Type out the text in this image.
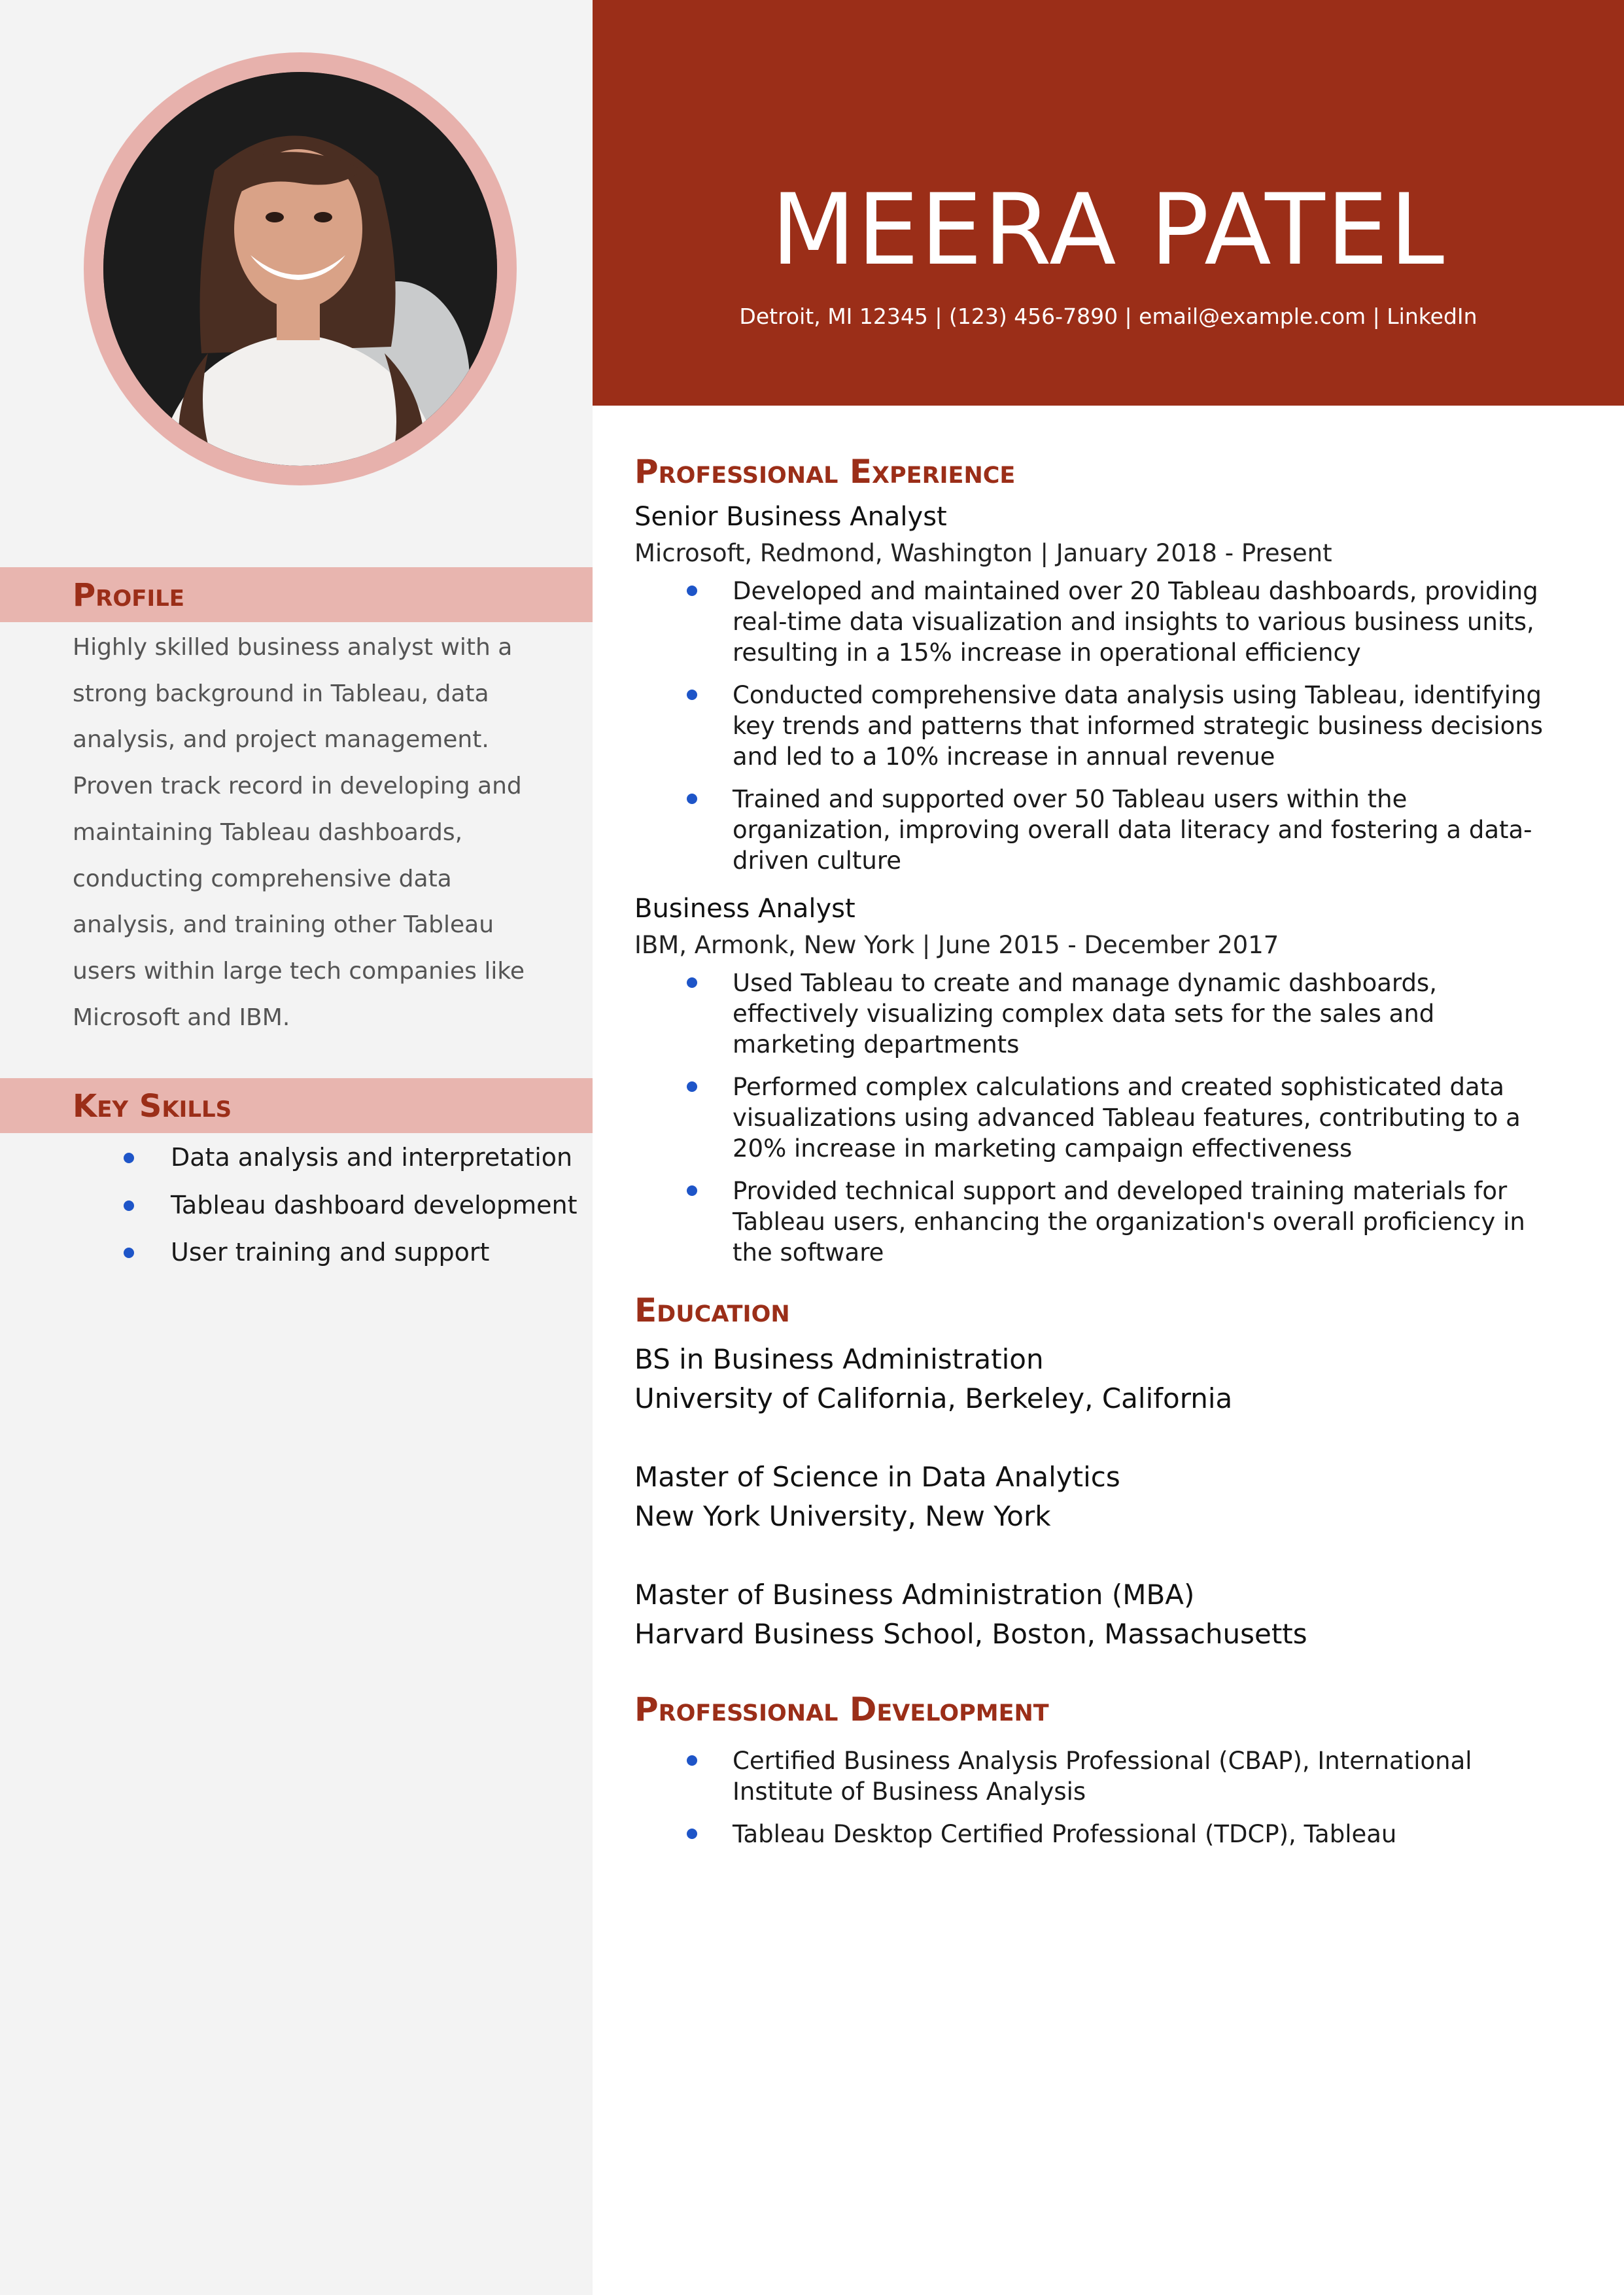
Profile
Highly skilled business analyst with a strong background in Tableau, data analysis, and project management. Proven track record in developing and maintaining Tableau dashboards, conducting comprehensive data analysis, and training other Tableau users within large tech companies like Microsoft and IBM.
Key Skills
Data analysis and interpretation
Tableau dashboard development
User training and support
MEERA PATEL
Detroit, MI 12345 | (123) 456-7890 | email@example.com | LinkedIn
Professional Experience
Senior Business Analyst
Microsoft, Redmond, Washington | January 2018 - Present
Developed and maintained over 20 Tableau dashboards, providing real-time data visualization and insights to various business units, resulting in a 15% increase in operational efficiency
Conducted comprehensive data analysis using Tableau, identifying key trends and patterns that informed strategic business decisions and led to a 10% increase in annual revenue
Trained and supported over 50 Tableau users within the organization, improving overall data literacy and fostering a data-driven culture
Business Analyst
IBM, Armonk, New York | June 2015 - December 2017
Used Tableau to create and manage dynamic dashboards, effectively visualizing complex data sets for the sales and marketing departments
Performed complex calculations and created sophisticated data visualizations using advanced Tableau features, contributing to a 20% increase in marketing campaign effectiveness
Provided technical support and developed training materials for Tableau users, enhancing the organization's overall proficiency in the software
Education
BS in Business Administration
University of California, Berkeley, California
Master of Science in Data Analytics
New York University, New York
Master of Business Administration (MBA)
Harvard Business School, Boston, Massachusetts
Professional Development
Certified Business Analysis Professional (CBAP), International Institute of Business Analysis
Tableau Desktop Certified Professional (TDCP), Tableau
